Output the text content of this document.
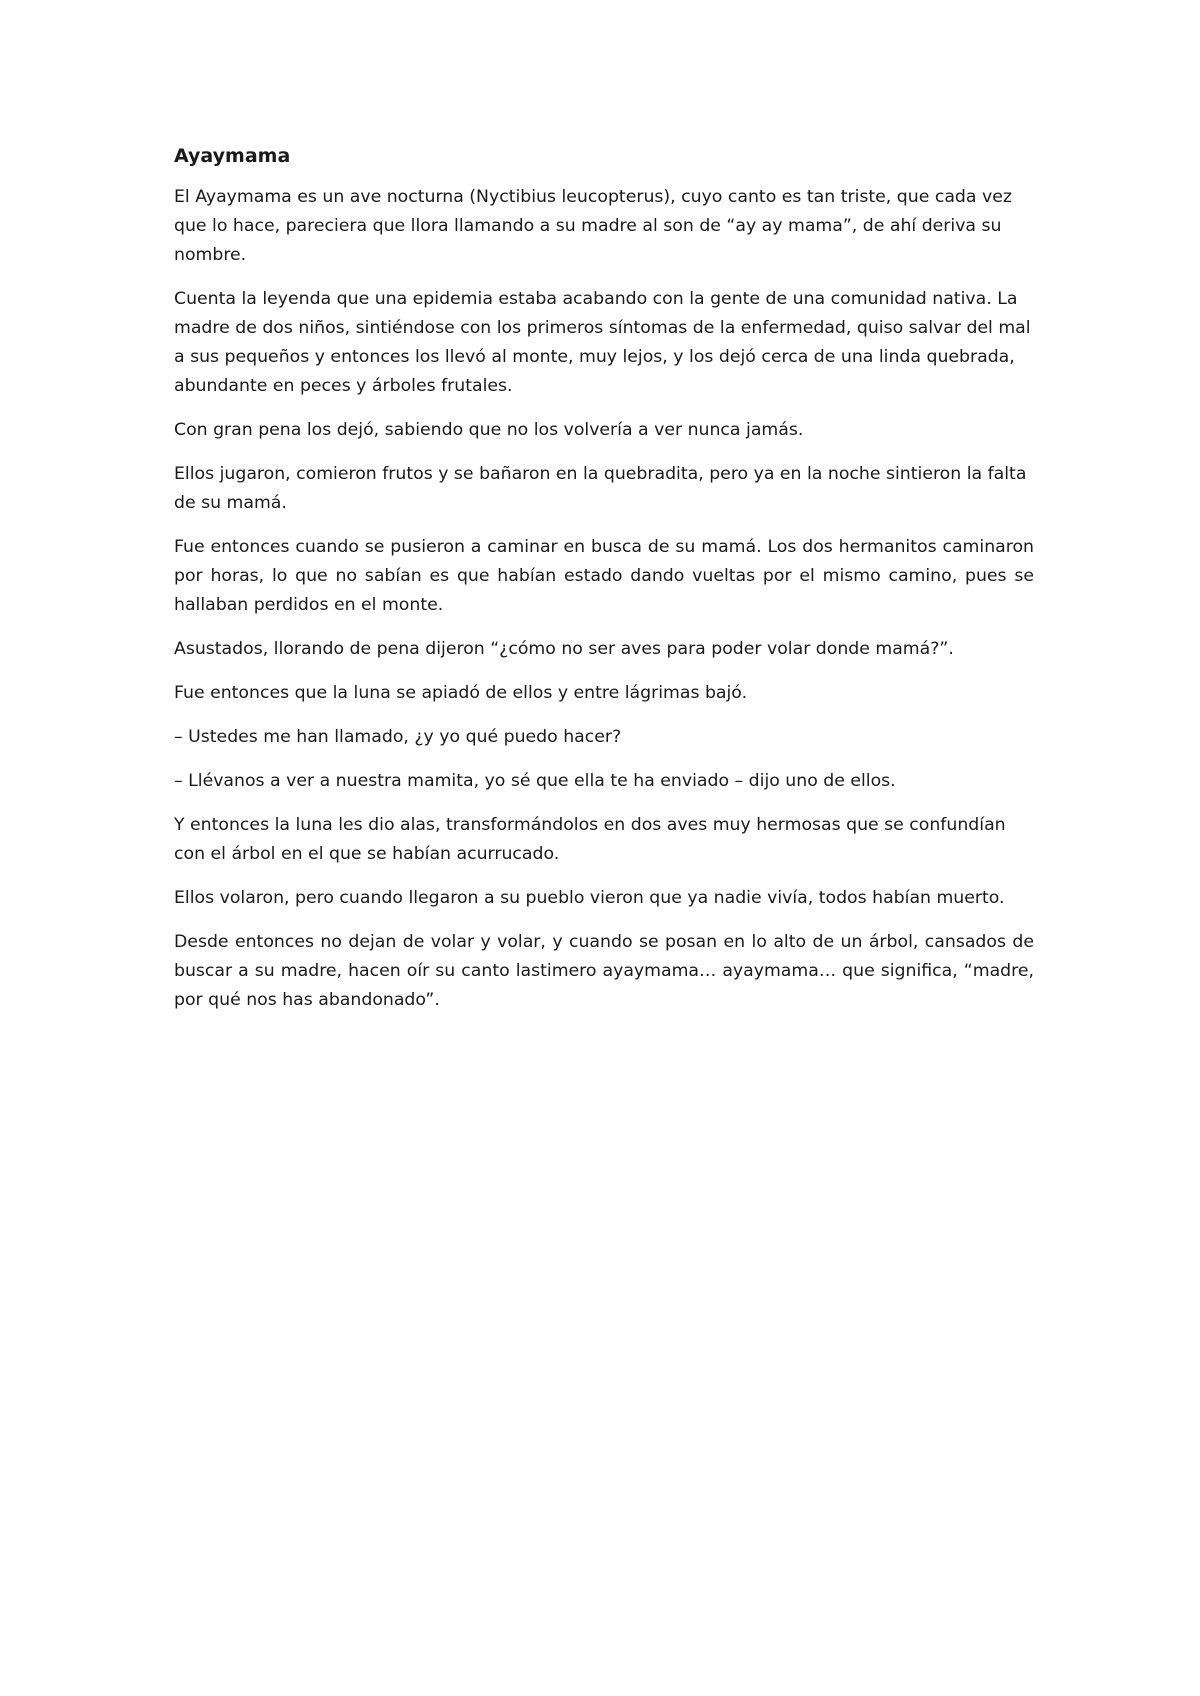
Ayaymama

El Ayaymama es un ave nocturna (Nyctibius leucopterus), cuyo canto es tan triste, que cada vez que lo hace, pareciera que llora llamando a su madre al son de “ay ay mama”, de ahí deriva su nombre.

Cuenta la leyenda que una epidemia estaba acabando con la gente de una comunidad nativa. La madre de dos niños, sintiéndose con los primeros síntomas de la enfermedad, quiso salvar del mal a sus pequeños y entonces los llevó al monte, muy lejos, y los dejó cerca de una linda quebrada, abundante en peces y árboles frutales.

Con gran pena los dejó, sabiendo que no los volvería a ver nunca jamás.

Ellos jugaron, comieron frutos y se bañaron en la quebradita, pero ya en la noche sintieron la falta de su mamá.

Fue entonces cuando se pusieron a caminar en busca de su mamá. Los dos hermanitos caminaron por horas, lo que no sabían es que habían estado dando vueltas por el mismo camino, pues se hallaban perdidos en el monte.

Asustados, llorando de pena dijeron “¿cómo no ser aves para poder volar donde mamá?”.

Fue entonces que la luna se apiadó de ellos y entre lágrimas bajó.

– Ustedes me han llamado, ¿y yo qué puedo hacer?

– Llévanos a ver a nuestra mamita, yo sé que ella te ha enviado – dijo uno de ellos.

Y entonces la luna les dio alas, transformándolos en dos aves muy hermosas que se confundían con el árbol en el que se habían acurrucado.

Ellos volaron, pero cuando llegaron a su pueblo vieron que ya nadie vivía, todos habían muerto.

Desde entonces no dejan de volar y volar, y cuando se posan en lo alto de un árbol, cansados de buscar a su madre, hacen oír su canto lastimero ayaymama… ayaymama… que significa, “madre, por qué nos has abandonado”.
